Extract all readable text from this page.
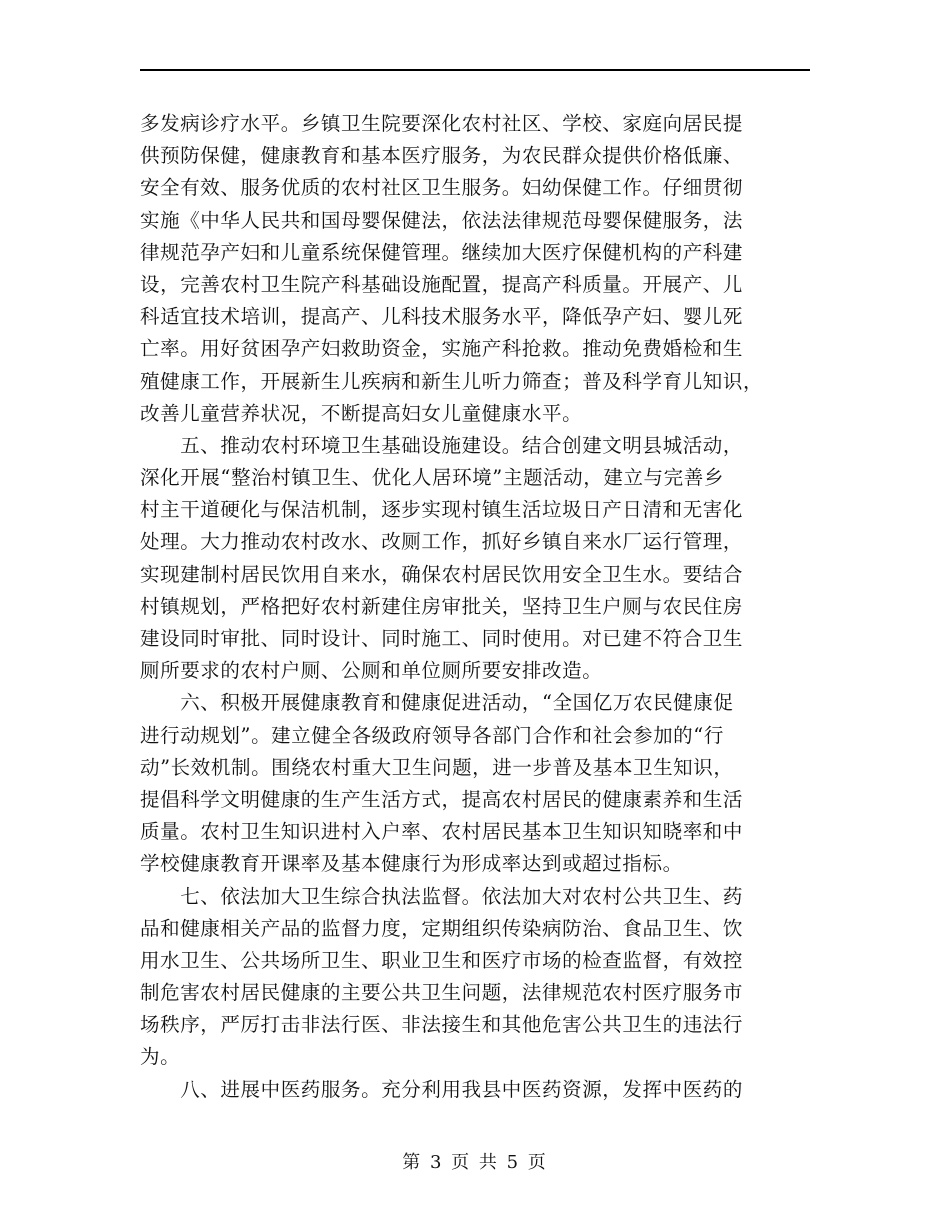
多发病诊疗水平。乡镇卫生院要深化农村社区、学校、家庭向居民提
供预防保健，健康教育和基本医疗服务，为农民群众提供价格低廉、
安全有效、服务优质的农村社区卫生服务。妇幼保健工作。仔细贯彻
实施《中华人民共和国母婴保健法，依法法律规范母婴保健服务，法
律规范孕产妇和儿童系统保健管理。继续加大医疗保健机构的产科建
设，完善农村卫生院产科基础设施配置，提高产科质量。开展产、儿
科适宜技术培训，提高产、儿科技术服务水平，降低孕产妇、婴儿死
亡率。用好贫困孕产妇救助资金，实施产科抢救。推动免费婚检和生
殖健康工作，开展新生儿疾病和新生儿听力筛查；普及科学育儿知识，
改善儿童营养状况，不断提高妇女儿童健康水平。
　　五、推动农村环境卫生基础设施建设。结合创建文明县城活动，
深化开展“整治村镇卫生、优化人居环境”主题活动，建立与完善乡
村主干道硬化与保洁机制，逐步实现村镇生活垃圾日产日清和无害化
处理。大力推动农村改水、改厕工作，抓好乡镇自来水厂运行管理，
实现建制村居民饮用自来水，确保农村居民饮用安全卫生水。要结合
村镇规划，严格把好农村新建住房审批关，坚持卫生户厕与农民住房
建设同时审批、同时设计、同时施工、同时使用。对已建不符合卫生
厕所要求的农村户厕、公厕和单位厕所要安排改造。
　　六、积极开展健康教育和健康促进活动，“全国亿万农民健康促
进行动规划”。建立健全各级政府领导各部门合作和社会参加的“行
动”长效机制。围绕农村重大卫生问题，进一步普及基本卫生知识，
提倡科学文明健康的生产生活方式，提高农村居民的健康素养和生活
质量。农村卫生知识进村入户率、农村居民基本卫生知识知晓率和中
学校健康教育开课率及基本健康行为形成率达到或超过指标。
　　七、依法加大卫生综合执法监督。依法加大对农村公共卫生、药
品和健康相关产品的监督力度，定期组织传染病防治、食品卫生、饮
用水卫生、公共场所卫生、职业卫生和医疗市场的检查监督，有效控
制危害农村居民健康的主要公共卫生问题，法律规范农村医疗服务市
场秩序，严厉打击非法行医、非法接生和其他危害公共卫生的违法行
为。
　　八、进展中医药服务。充分利用我县中医药资源，发挥中医药的
第 3 页 共 5 页
